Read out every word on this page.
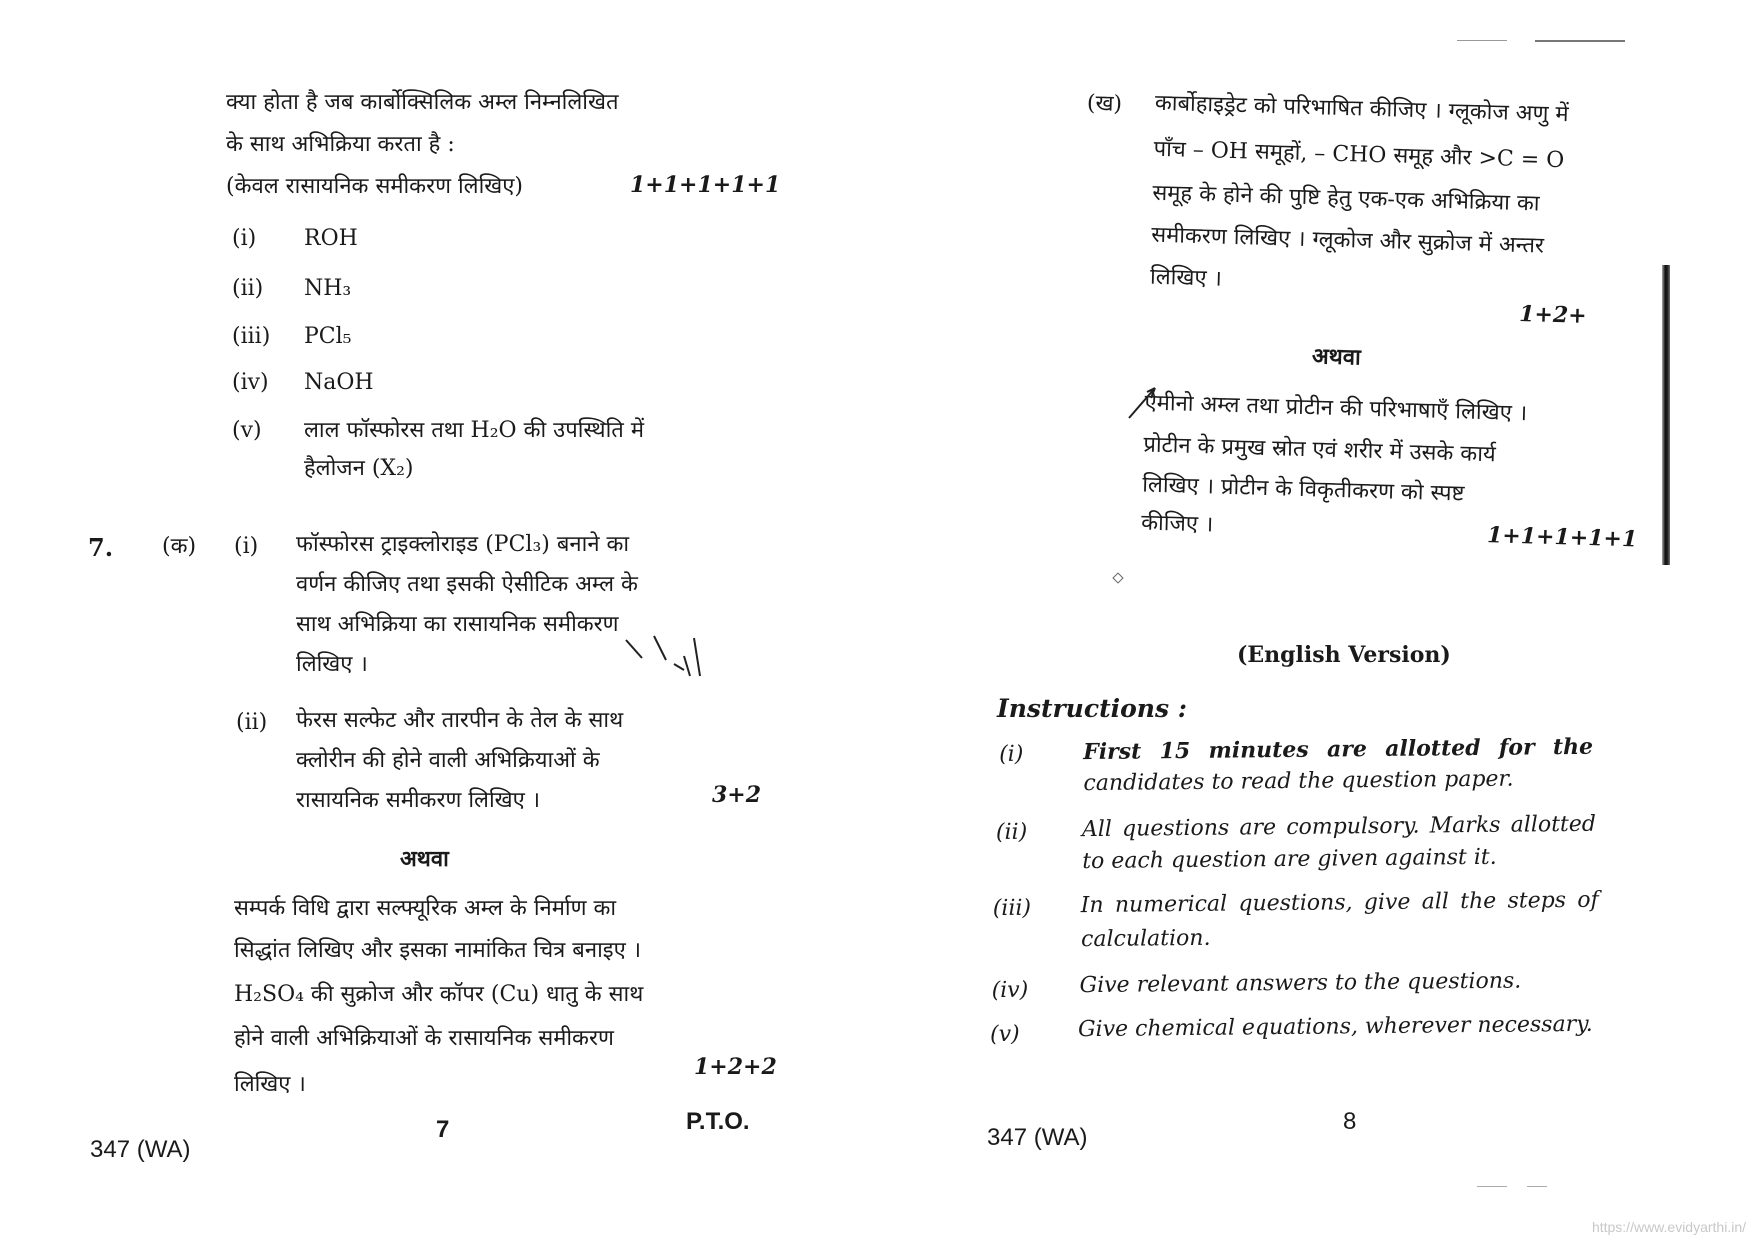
क्या होता है जब कार्बोक्सिलिक अम्ल निम्नलिखित
के साथ अभिक्रिया करता है :
(केवल रासायनिक समीकरण लिखिए)	1+1+1+1+1
(i) ROH
(ii) NH₃
(iii) PCl₅
(iv) NaOH
(v) लाल फॉस्फोरस तथा H₂O की उपस्थिति में
हैलोजन (X₂)
7. (क) (i) फॉस्फोरस ट्राइक्लोराइड (PCl₃) बनाने का
वर्णन कीजिए तथा इसकी ऐसीटिक अम्ल के
साथ अभिक्रिया का रासायनिक समीकरण
लिखिए ।
(ii) फेरस सल्फेट और तारपीन के तेल के साथ
क्लोरीन की होने वाली अभिक्रियाओं के
रासायनिक समीकरण लिखिए ।	3+2
अथवा
सम्पर्क विधि द्वारा सल्फ्यूरिक अम्ल के निर्माण का
सिद्धांत लिखिए और इसका नामांकित चित्र बनाइए ।
H₂SO₄ की सुक्रोज और कॉपर (Cu) धातु के साथ
होने वाली अभिक्रियाओं के रासायनिक समीकरण
लिखिए ।
1+2+2
347 (WA)
7	P.T.O.
(ख) कार्बोहाइड्रेट को परिभाषित कीजिए । ग्लूकोज अणु में
पाँच – OH समूहों, – CHO समूह और >C = O
समूह के होने की पुष्टि हेतु एक-एक अभिक्रिया का
समीकरण लिखिए । ग्लूकोज और सुक्रोज में अन्तर
लिखिए ।
1+2+
अथवा
ऐमीनो अम्ल तथा प्रोटीन की परिभाषाएँ लिखिए ।
प्रोटीन के प्रमुख स्रोत एवं शरीर में उसके कार्य
लिखिए । प्रोटीन के विकृतीकरण को स्पष्ट
कीजिए ।	1+1+1+1+1
(English Version)
Instructions :
(i)	First 15 minutes are allotted for the
candidates to read the question paper.
(ii) All questions are compulsory. Marks allotted
to each question are given against it.
(iii) In numerical questions, give all the steps of
calculation.
(iv) Give relevant answers to the questions.
(v)	Give chemical equations, wherever necessary.
347 (WA)
8
https://www.evidyarthi.in/
